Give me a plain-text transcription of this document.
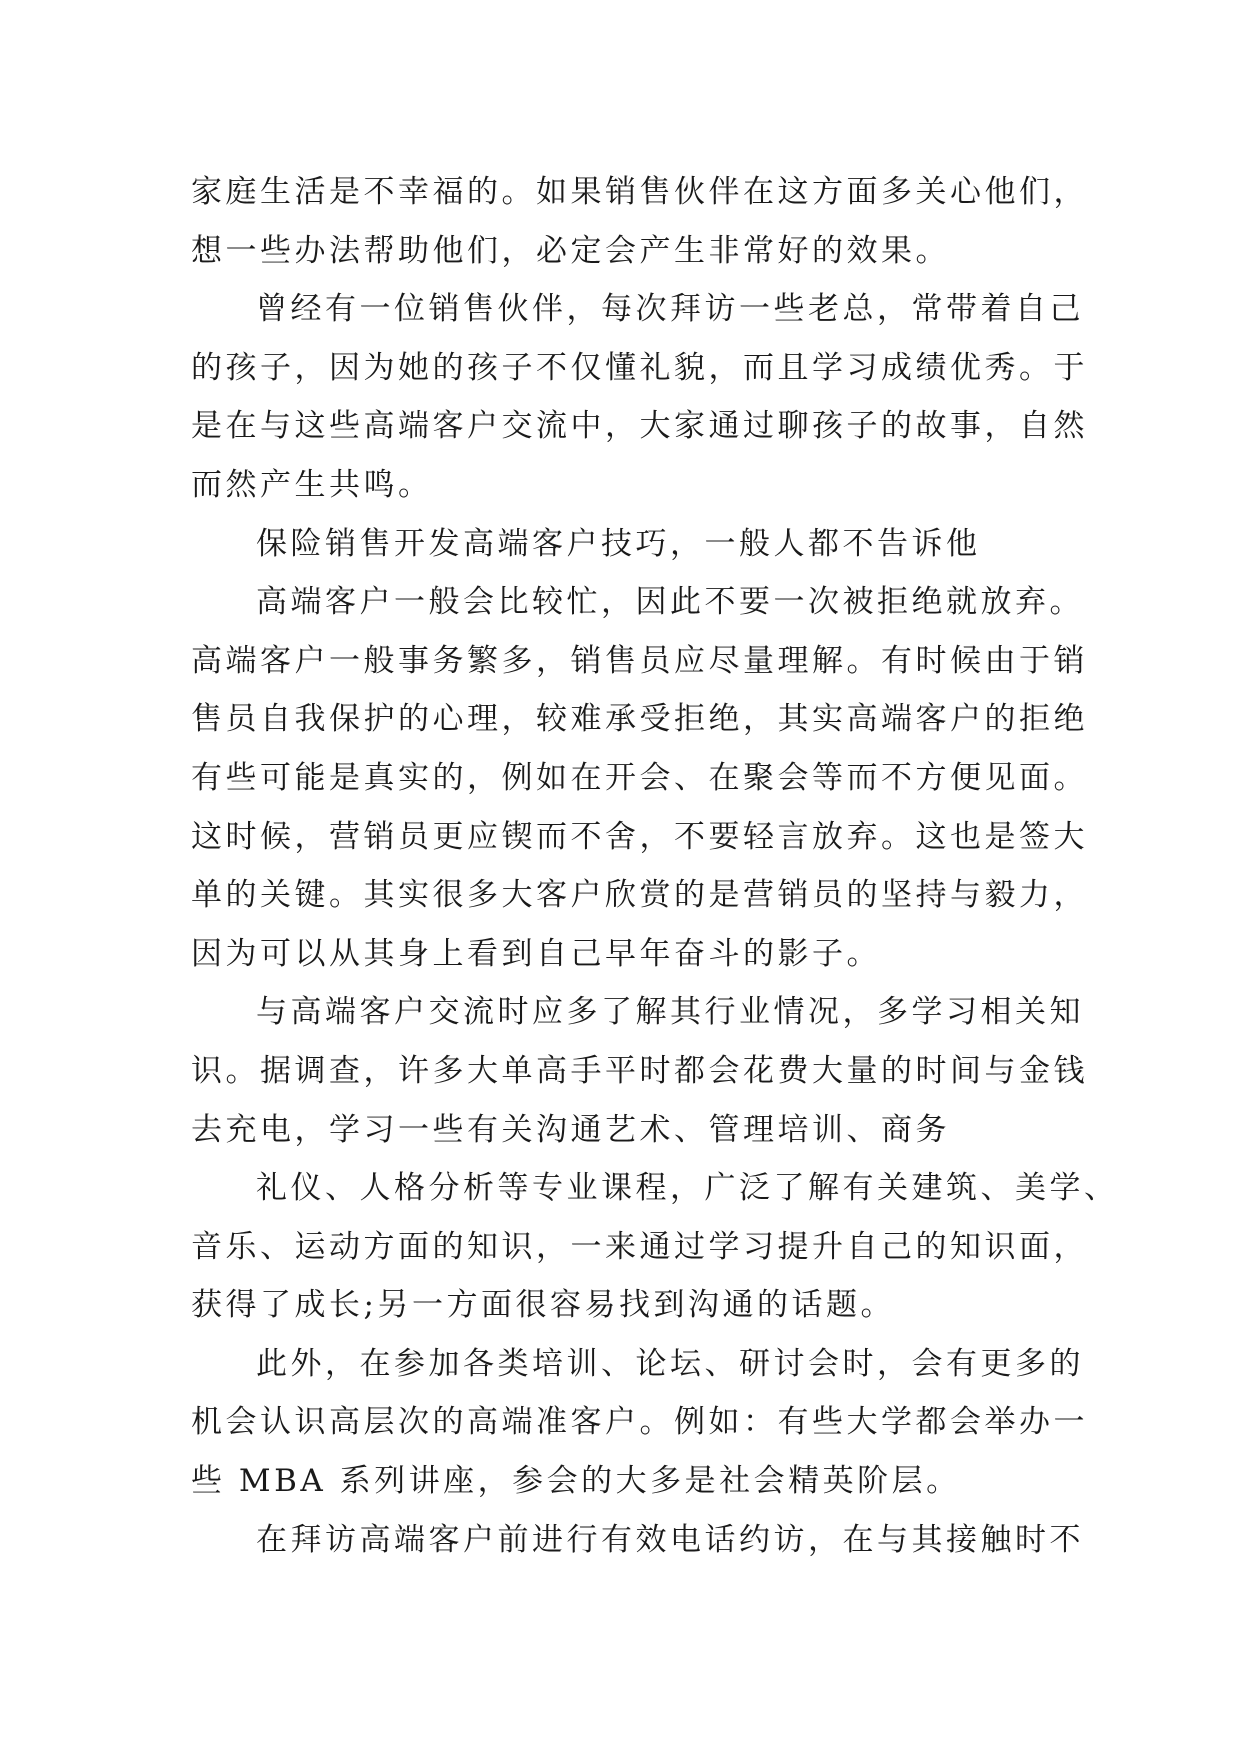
家庭生活是不幸福的。如果销售伙伴在这方面多关心他们，
想一些办法帮助他们，必定会产生非常好的效果。
曾经有一位销售伙伴，每次拜访一些老总，常带着自己
的孩子，因为她的孩子不仅懂礼貌，而且学习成绩优秀。于
是在与这些高端客户交流中，大家通过聊孩子的故事，自然
而然产生共鸣。
保险销售开发高端客户技巧，一般人都不告诉他
高端客户一般会比较忙，因此不要一次被拒绝就放弃。
高端客户一般事务繁多，销售员应尽量理解。有时候由于销
售员自我保护的心理，较难承受拒绝，其实高端客户的拒绝
有些可能是真实的，例如在开会、在聚会等而不方便见面。
这时候，营销员更应锲而不舍，不要轻言放弃。这也是签大
单的关键。其实很多大客户欣赏的是营销员的坚持与毅力，
因为可以从其身上看到自己早年奋斗的影子。
与高端客户交流时应多了解其行业情况，多学习相关知
识。据调查，许多大单高手平时都会花费大量的时间与金钱
去充电，学习一些有关沟通艺术、管理培训、商务
礼仪、人格分析等专业课程，广泛了解有关建筑、美学、
音乐、运动方面的知识，一来通过学习提升自己的知识面，
获得了成长;另一方面很容易找到沟通的话题。
此外，在参加各类培训、论坛、研讨会时，会有更多的
机会认识高层次的高端准客户。例如：有些大学都会举办一
些 MBA 系列讲座，参会的大多是社会精英阶层。
在拜访高端客户前进行有效电话约访，在与其接触时不
